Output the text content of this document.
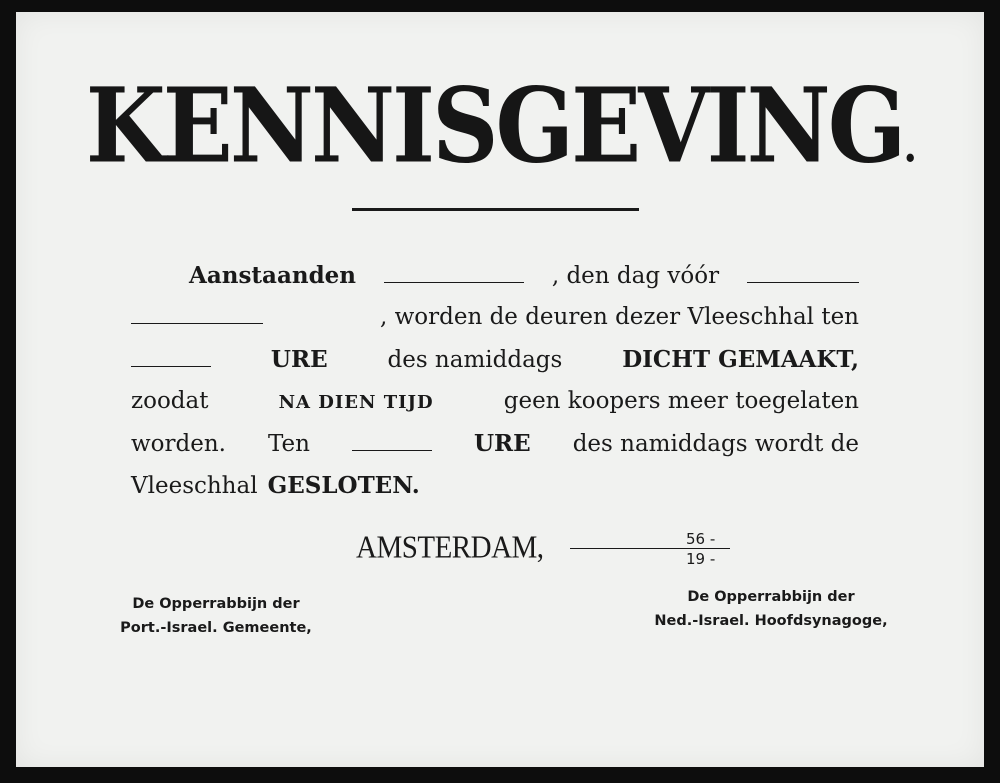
KENNISGEVING.
Aanstaanden	, den dag vóór
, worden de deuren dezer Vleeschhal ten
URE	des namiddags	DICHT GEMAAKT,
zoodat	NA DIEN TIJD	geen koopers meer toegelaten
worden. Ten	URE des namiddags wordt de
Vleeschhal GESLOTEN.
AMSTERDAM,	56 -
19 -
De Opperrabbijn der
Port.-Israel. Gemeente,
De Opperrabbijn der
Ned.-Israel. Hoofdsynagoge,
